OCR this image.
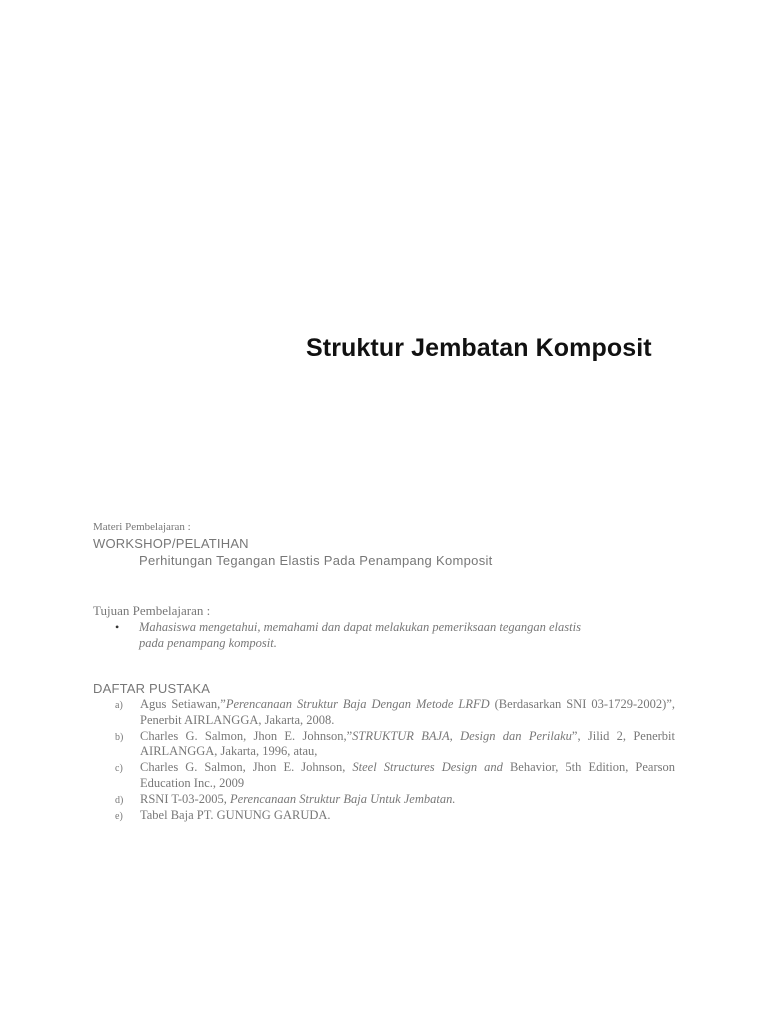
Struktur Jembatan Komposit
Materi Pembelajaran :
WORKSHOP/PELATIHAN
Perhitungan Tegangan Elastis Pada Penampang Komposit
Tujuan Pembelajaran :
• Mahasiswa mengetahui, memahami dan dapat melakukan pemeriksaan tegangan elastis
pada penampang komposit.
DAFTAR PUSTAKA
a) Agus Setiawan,”Perencanaan Struktur Baja Dengan Metode LRFD (Berdasarkan SNI 03-1729-2002)”, Penerbit AIRLANGGA, Jakarta, 2008.
b) Charles G. Salmon, Jhon E. Johnson,”STRUKTUR BAJA, Design dan Perilaku”, Jilid 2, Penerbit AIRLANGGA, Jakarta, 1996, atau,
c) Charles G. Salmon, Jhon E. Johnson, Steel Structures Design and Behavior, 5th Edition, Pearson Education Inc., 2009
d) RSNI T-03-2005, Perencanaan Struktur Baja Untuk Jembatan.
e) Tabel Baja PT. GUNUNG GARUDA.
